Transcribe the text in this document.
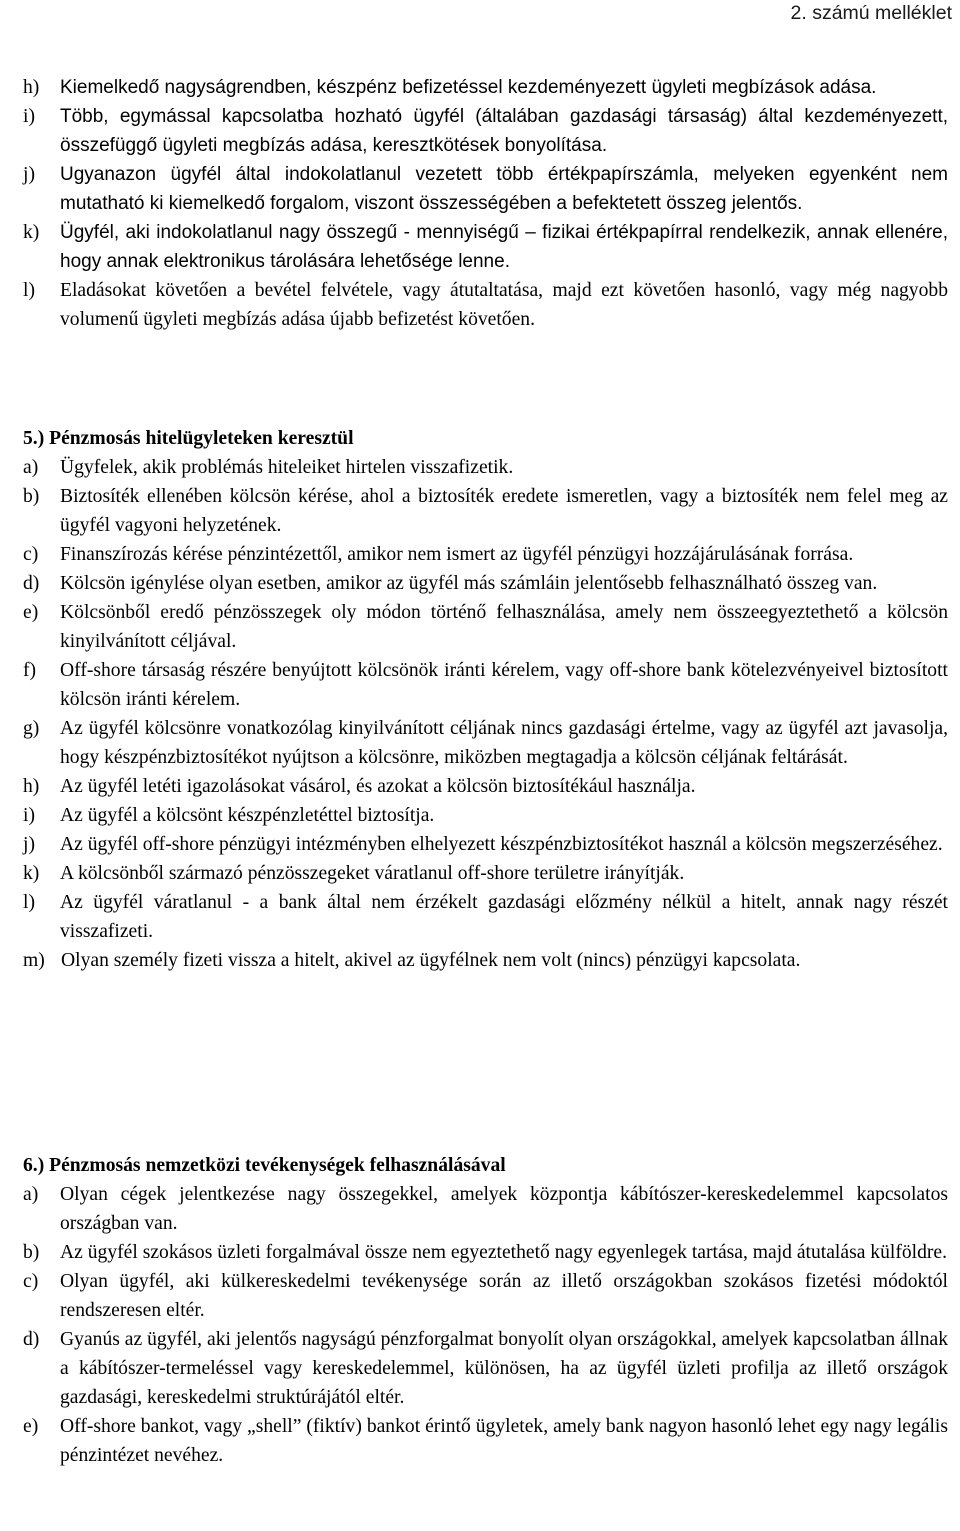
2. számú melléklet
h)	Kiemelkedő nagyságrendben, készpénz befizetéssel kezdeményezett ügyleti megbízások adása.
i)	Több, egymással kapcsolatba hozható ügyfél (általában gazdasági társaság) által kezdeményezett, összefüggő ügyleti megbízás adása, keresztkötések bonyolítása.
j)	Ugyanazon ügyfél által indokolatlanul vezetett több értékpapírszámla, melyeken egyenként nem mutatható ki kiemelkedő forgalom, viszont összességében a befektetett összeg jelentős.
k)	Ügyfél, aki indokolatlanul nagy összegű - mennyiségű – fizikai értékpapírral rendelkezik, annak ellenére, hogy annak elektronikus tárolására lehetősége lenne.
l)	Eladásokat követően a bevétel felvétele, vagy átutaltatása, majd ezt követően hasonló, vagy még nagyobb volumenű ügyleti megbízás adása újabb befizetést követően.
5.) Pénzmosás hitelügyleteken keresztül
a)	Ügyfelek, akik problémás hiteleiket hirtelen visszafizetik.
b)	Biztosíték ellenében kölcsön kérése, ahol a biztosíték eredete ismeretlen, vagy a biztosíték nem felel meg az ügyfél vagyoni helyzetének.
c)	Finanszírozás kérése pénzintézettől, amikor nem ismert az ügyfél pénzügyi hozzájárulásának forrása.
d)	Kölcsön igénylése olyan esetben, amikor az ügyfél más számláin jelentősebb felhasználható összeg van.
e)	Kölcsönből eredő pénzösszegek oly módon történő felhasználása, amely nem összeegyeztethető a kölcsön kinyilvánított céljával.
f)	Off-shore társaság részére benyújtott kölcsönök iránti kérelem, vagy off-shore bank kötelezvényeivel biztosított kölcsön iránti kérelem.
g)	Az ügyfél kölcsönre vonatkozólag kinyilvánított céljának nincs gazdasági értelme, vagy az ügyfél azt javasolja, hogy készpénzbiztosítékot nyújtson a kölcsönre, miközben megtagadja a kölcsön céljának feltárását.
h)	Az ügyfél letéti igazolásokat vásárol, és azokat a kölcsön biztosítékául használja.
i)	Az ügyfél a kölcsönt készpénzletéttel biztosítja.
j)	Az ügyfél off-shore pénzügyi intézményben elhelyezett készpénzbiztosítékot használ a kölcsön megszerzéséhez.
k)	A kölcsönből származó pénzösszegeket váratlanul off-shore területre irányítják.
l)	Az ügyfél váratlanul - a bank által nem érzékelt gazdasági előzmény nélkül a hitelt, annak nagy részét visszafizeti.
m) Olyan személy fizeti vissza a hitelt, akivel az ügyfélnek nem volt (nincs) pénzügyi kapcsolata.
6.) Pénzmosás nemzetközi tevékenységek felhasználásával
a)	Olyan cégek jelentkezése nagy összegekkel, amelyek központja kábítószer-kereskedelemmel kapcsolatos országban van.
b)	Az ügyfél szokásos üzleti forgalmával össze nem egyeztethető nagy egyenlegek tartása, majd átutalása külföldre.
c)	Olyan ügyfél, aki külkereskedelmi tevékenysége során az illető országokban szokásos fizetési módoktól rendszeresen eltér.
d)	Gyanús az ügyfél, aki jelentős nagyságú pénzforgalmat bonyolít olyan országokkal, amelyek kapcsolatban állnak a kábítószer-termeléssel vagy kereskedelemmel, különösen, ha az ügyfél üzleti profilja az illető országok gazdasági, kereskedelmi struktúrájától eltér.
e)	Off-shore bankot, vagy „shell” (fiktív) bankot érintő ügyletek, amely bank nagyon hasonló lehet egy nagy legális pénzintézet nevéhez.
